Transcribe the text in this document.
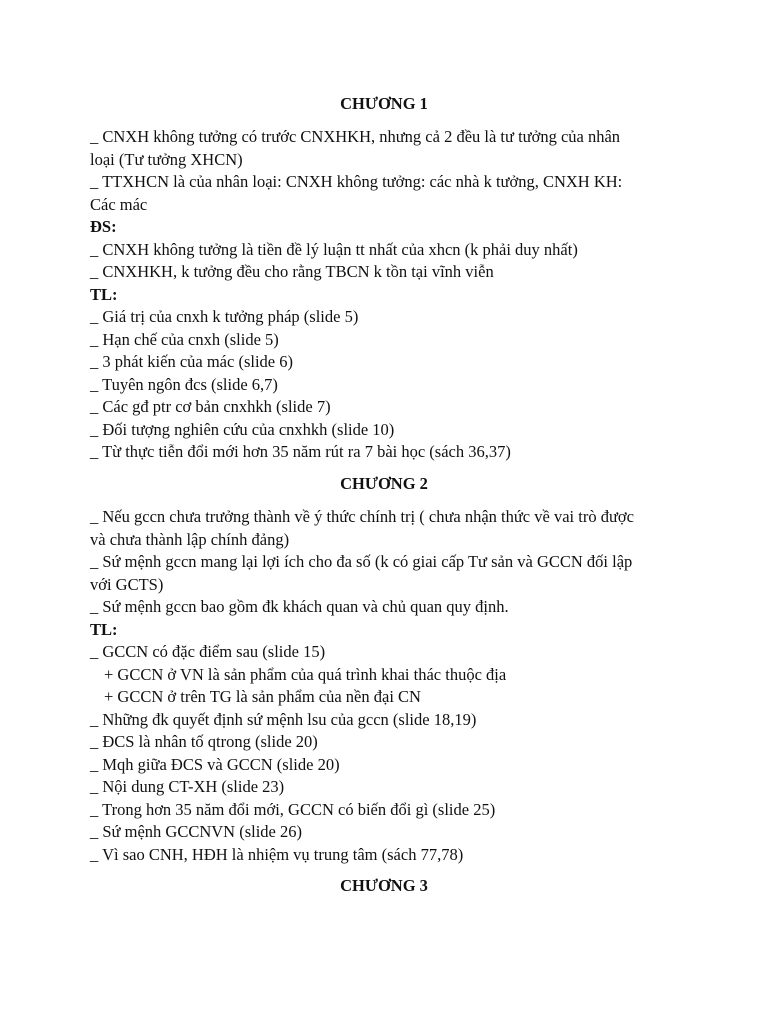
CHƯƠNG 1

_ CNXH không tưởng có trước CNXHKH, nhưng cả 2 đều là tư tưởng của nhân

loại (Tư tưởng XHCN)

_ TTXHCN là của nhân loại: CNXH không tưởng: các nhà k tưởng, CNXH KH:

Các mác

ĐS:

_ CNXH không tưởng là tiền đề lý luận tt nhất của xhcn (k phải duy nhất)

_ CNXHKH, k tưởng đều cho rằng TBCN k tồn tại vĩnh viễn

TL:

_ Giá trị của cnxh k tưởng pháp (slide 5)

_ Hạn chế của cnxh (slide 5)

_ 3 phát kiến của mác (slide 6)

_ Tuyên ngôn đcs (slide 6,7)

_ Các gđ ptr cơ bản cnxhkh (slide 7)

_ Đối tượng nghiên cứu của cnxhkh (slide 10)

_ Từ thực tiễn đổi mới hơn 35 năm rút ra 7 bài học (sách 36,37)

CHƯƠNG 2

_ Nếu gccn chưa trưởng thành về ý thức chính trị ( chưa nhận thức về vai trò được

và chưa thành lập chính đảng)

_ Sứ mệnh gccn mang lại lợi ích cho đa số (k có giai cấp Tư sản và GCCN đối lập

với GCTS)

_ Sứ mệnh gccn bao gồm đk khách quan và chủ quan quy định.

TL:

_ GCCN có đặc điểm sau (slide 15)

+ GCCN ở VN là sản phẩm của quá trình khai thác thuộc địa

+ GCCN ở trên TG là sản phẩm của nền đại CN

_ Những đk quyết định sứ mệnh lsu của gccn (slide 18,19)

_ ĐCS là nhân tố qtrong (slide 20)

_ Mqh giữa ĐCS và GCCN (slide 20)

_ Nội dung CT-XH (slide 23)

_ Trong hơn 35 năm đổi mới, GCCN có biến đổi gì (slide 25)

_ Sứ mệnh GCCNVN (slide 26)

_ Vì sao CNH, HĐH là nhiệm vụ trung tâm (sách 77,78)

CHƯƠNG 3
